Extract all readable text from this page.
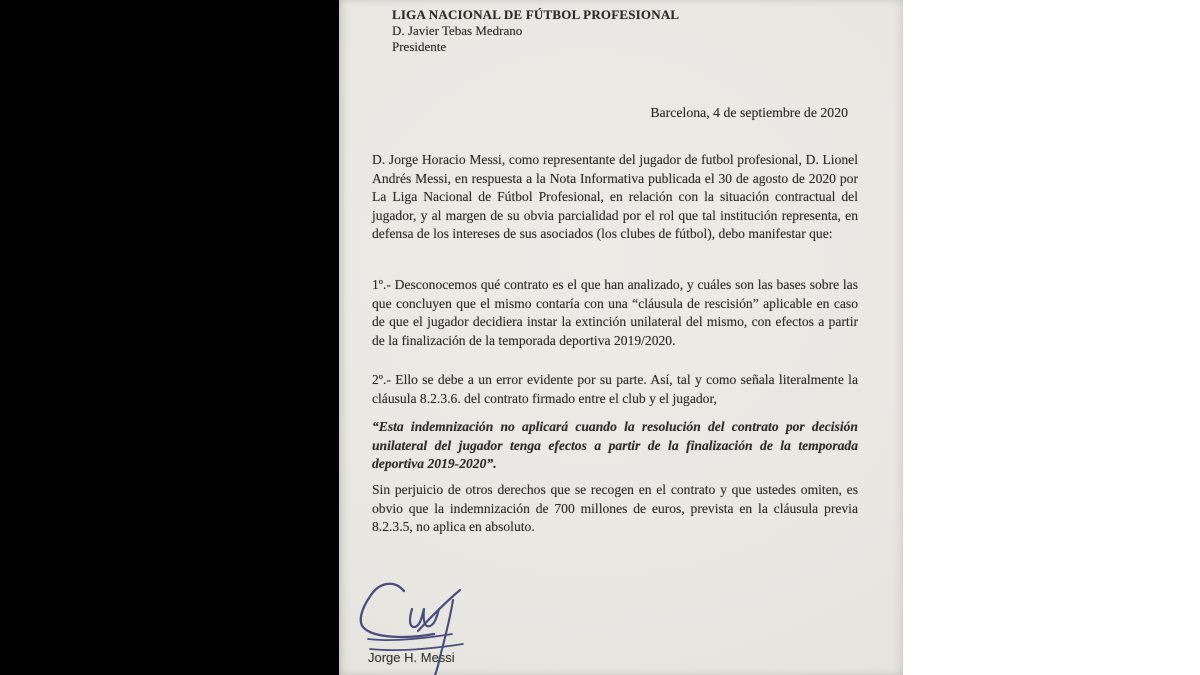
LIGA NACIONAL DE FÚTBOL PROFESIONAL
D. Javier Tebas Medrano
Presidente
Barcelona, 4 de septiembre de 2020

D. Jorge Horacio Messi, como representante del jugador de futbol profesional, D. Lionel Andrés Messi, en respuesta a la Nota Informativa publicada el 30 de agosto de 2020 por La Liga Nacional de Fútbol Profesional, en relación con la situación contractual del jugador, y al margen de su obvia parcialidad por el rol que tal institución representa, en defensa de los intereses de sus asociados (los clubes de fútbol), debo manifestar que:

1º.- Desconocemos qué contrato es el que han analizado, y cuáles son las bases sobre las que concluyen que el mismo contaría con una “cláusula de rescisión” aplicable en caso de que el jugador decidiera instar la extinción unilateral del mismo, con efectos a partir de la finalización de la temporada deportiva 2019/2020.

2º.- Ello se debe a un error evidente por su parte. Así, tal y como señala literalmente la cláusula 8.2.3.6. del contrato firmado entre el club y el jugador,

“Esta indemnización no aplicará cuando la resolución del contrato por decisión unilateral del jugador tenga efectos a partir de la finalización de la temporada deportiva 2019-2020”.

Sin perjuicio de otros derechos que se recogen en el contrato y que ustedes omiten, es obvio que la indemnización de 700 millones de euros, prevista en la cláusula previa 8.2.3.5, no aplica en absoluto.

Jorge H. Messi
